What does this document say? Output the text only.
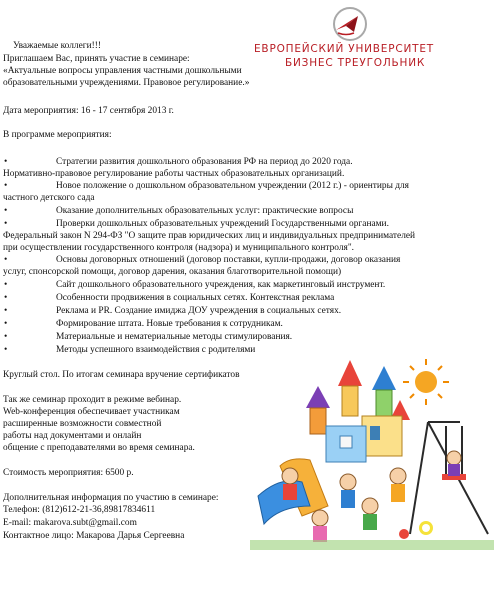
ЕВРОПЕЙСКИЙ УНИВЕРСИТЕТ
БИЗНЕС ТРЕУГОЛЬНИК
Уважаемые коллеги!!!
Приглашаем Вас, принять участие в семинаре:
«Актуальные вопросы управления частными дошкольными
образовательными учреждениями. Правовое регулирование.»
Дата мероприятия: 16 - 17 сентября 2013 г.
В программе мероприятия:
•	Стратегии развития дошкольного образования РФ на период до 2020 года.
Нормативно-правовое регулирование работы частных образовательных организаций.
•	Новое положение о дошкольном образовательном учреждении (2012 г.) - ориентиры для
частного детского сада
•	Оказание дополнительных образовательных услуг: практические вопросы
•	Проверки дошкольных образовательных учреждений Государственными органами.
Федеральный закон N 294-ФЗ "О защите прав юридических лиц и индивидуальных предпринимателей
при осуществлении государственного контроля (надзора) и муниципального контроля".
•	Основы договорных отношений (договор поставки, купли-продажи, договор оказания
услуг, спонсорской помощи, договор дарения, оказания благотворительной помощи)
•	Сайт дошкольного образовательного учреждения, как маркетинговый инструмент.
•	Особенности продвижения в социальных сетях. Контекстная реклама
•	Реклама и PR. Создание имиджа ДОУ учреждения в социальных сетях.
•	Формирование штата. Новые требования к сотрудникам.
•	Материальные и нематериальные методы стимулирования.
•	Методы успешного взаимодействия с родителями
Круглый стол. По итогам семинара вручение сертификатов
Так же семинар проходит в режиме вебинар.
Web-конференция обеспечивает участникам
расширенные возможности совместной
работы над документами и онлайн
общение с преподавателями во время семинара.
Стоимость мероприятия: 6500 р.
Дополнительная информация по участию в семинаре:
Телефон: (812)612-21-36,89817834611
E-mail: makarova.subt@gmail.com
Контактное лицо: Макарова Дарья Сергеевна
